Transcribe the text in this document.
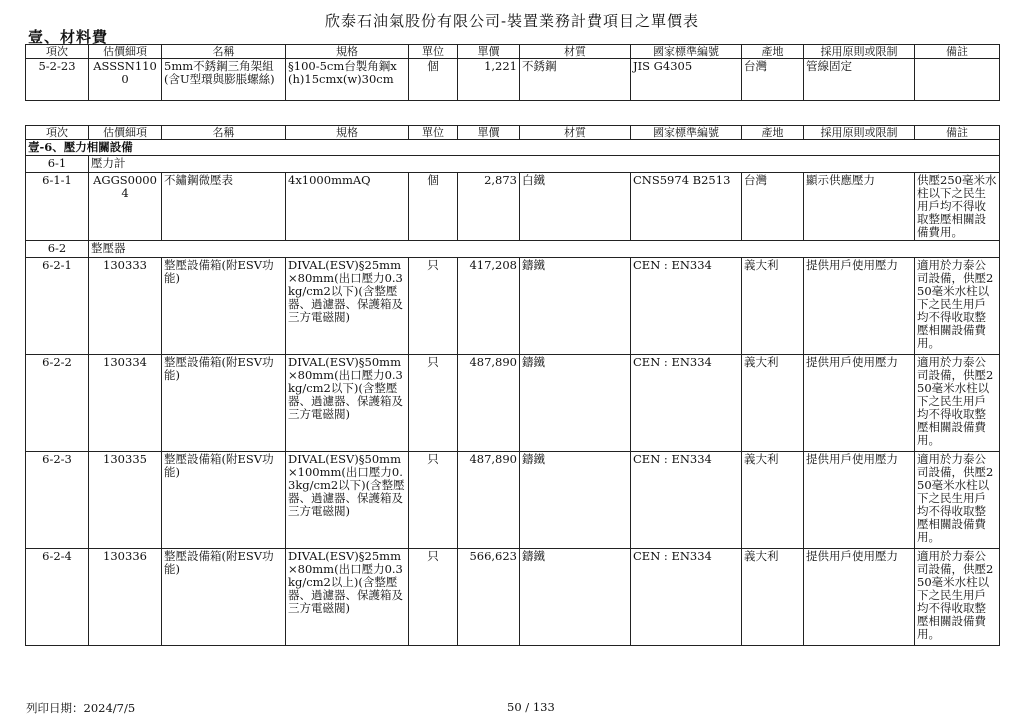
欣泰石油氣股份有限公司-裝置業務計費項目之單價表
壹、材料費
項次	估價細項	名稱	規格	單位	單價	材質	國家標準編號	產地	採用原則或限制	備註
5-2-23	ASSSN1100	5mm不銹鋼三角架組(含U型環與膨脹螺絲)	§100-5cm台製角鋼x(h)15cmx(w)30cm	個	1,221	不銹鋼	JIS G4305	台灣	管線固定	
項次	估價細項	名稱	規格	單位	單價	材質	國家標準編號	產地	採用原則或限制	備註
壹-6、壓力相關設備										
6-1	壓力計									
6-1-1	AGGS00004	不鏽鋼微壓表	4x1000mmAQ	個	2,873	白鐵	CNS5974 B2513	台灣	顯示供應壓力	供壓250毫米水柱以下之民生用戶均不得收取整壓相關設備費用。
6-2	整壓器									
6-2-1	130333	整壓設備箱(附ESV功能)	DIVAL(ESV)§25mm×80mm(出口壓力0.3kg/cm2以下)(含整壓器、過濾器、保護箱及三方電磁閥)	只	417,208	鑄鐵	CEN : EN334	義大利	提供用戶使用壓力	適用於力泰公司設備，供壓250毫米水柱以下之民生用戶均不得收取整壓相關設備費用。
6-2-2	130334	整壓設備箱(附ESV功能)	DIVAL(ESV)§50mm×80mm(出口壓力0.3kg/cm2以下)(含整壓器、過濾器、保護箱及三方電磁閥)	只	487,890	鑄鐵	CEN : EN334	義大利	提供用戶使用壓力	適用於力泰公司設備，供壓250毫米水柱以下之民生用戶均不得收取整壓相關設備費用。
6-2-3	130335	整壓設備箱(附ESV功能)	DIVAL(ESV)§50mm×100mm(出口壓力0.3kg/cm2以下)(含整壓器、過濾器、保護箱及三方電磁閥)	只	487,890	鑄鐵	CEN : EN334	義大利	提供用戶使用壓力	適用於力泰公司設備，供壓250毫米水柱以下之民生用戶均不得收取整壓相關設備費用。
6-2-4	130336	整壓設備箱(附ESV功能)	DIVAL(ESV)§25mm×80mm(出口壓力0.3kg/cm2以上)(含整壓器、過濾器、保護箱及三方電磁閥)	只	566,623	鑄鐵	CEN : EN334	義大利	提供用戶使用壓力	適用於力泰公司設備，供壓250毫米水柱以下之民生用戶均不得收取整壓相關設備費用。
列印日期：2024/7/5	50 / 133
